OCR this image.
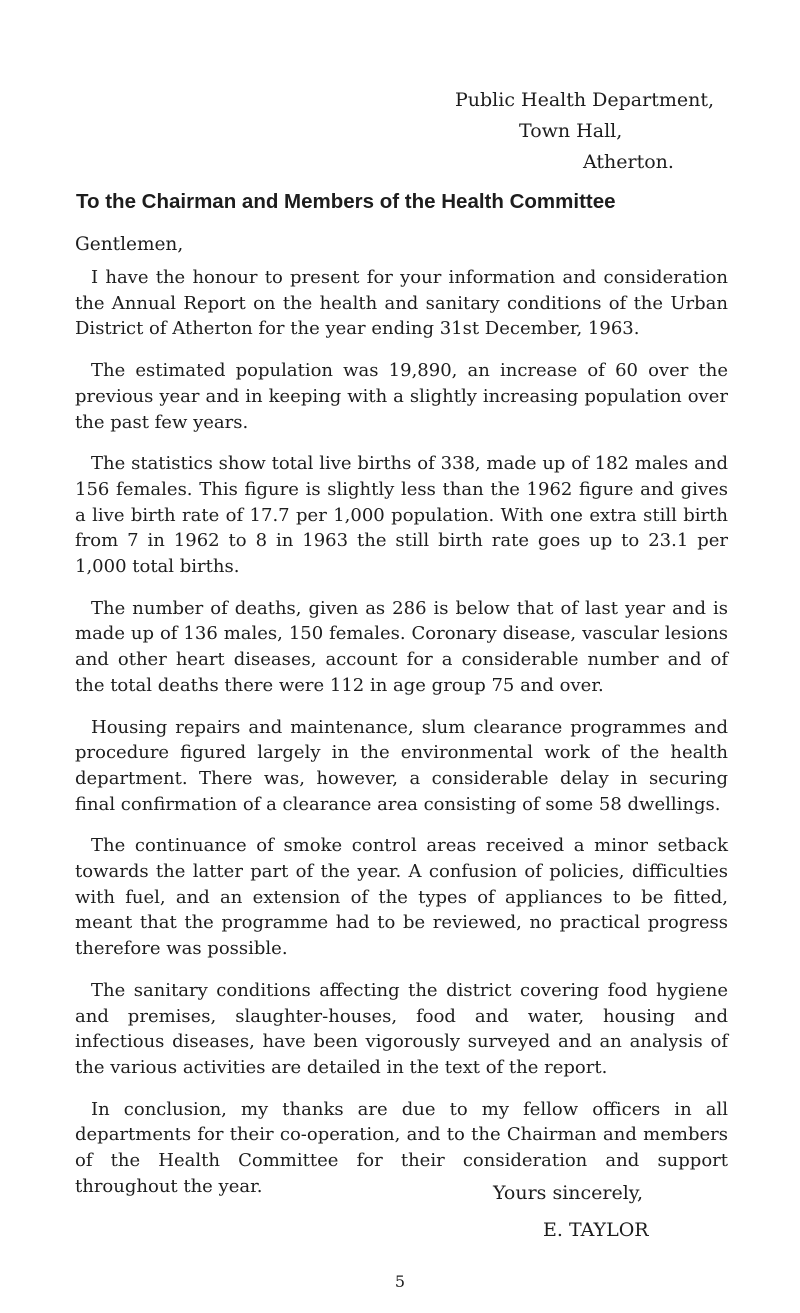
Public Health Department,
Town Hall,
Atherton.
To the Chairman and Members of the Health Committee
Gentlemen,

I have the honour to present for your information and consideration the Annual Report on the health and sanitary conditions of the Urban District of Atherton for the year ending 31st December, 1963.

The estimated population was 19,890, an increase of 60 over the previous year and in keeping with a slightly increasing population over the past few years.

The statistics show total live births of 338, made up of 182 males and 156 females. This figure is slightly less than the 1962 figure and gives a live birth rate of 17.7 per 1,000 population. With one extra still birth from 7 in 1962 to 8 in 1963 the still birth rate goes up to 23.1 per 1,000 total births.

The number of deaths, given as 286 is below that of last year and is made up of 136 males, 150 females. Coronary disease, vascular lesions and other heart diseases, account for a considerable number and of the total deaths there were 112 in age group 75 and over.

Housing repairs and maintenance, slum clearance programmes and procedure figured largely in the environmental work of the health department. There was, however, a considerable delay in securing final confirmation of a clearance area consisting of some 58 dwellings.

The continuance of smoke control areas received a minor setback towards the latter part of the year. A confusion of policies, difficulties with fuel, and an extension of the types of appliances to be fitted, meant that the programme had to be reviewed, no practical progress therefore was possible.

The sanitary conditions affecting the district covering food hygiene and premises, slaughter-houses, food and water, housing and infectious diseases, have been vigorously surveyed and an analysis of the various activities are detailed in the text of the report.

In conclusion, my thanks are due to my fellow officers in all departments for their co-operation, and to the Chairman and members of the Health Committee for their consideration and support throughout the year.	Yours sincerely,
E. TAYLOR
5
